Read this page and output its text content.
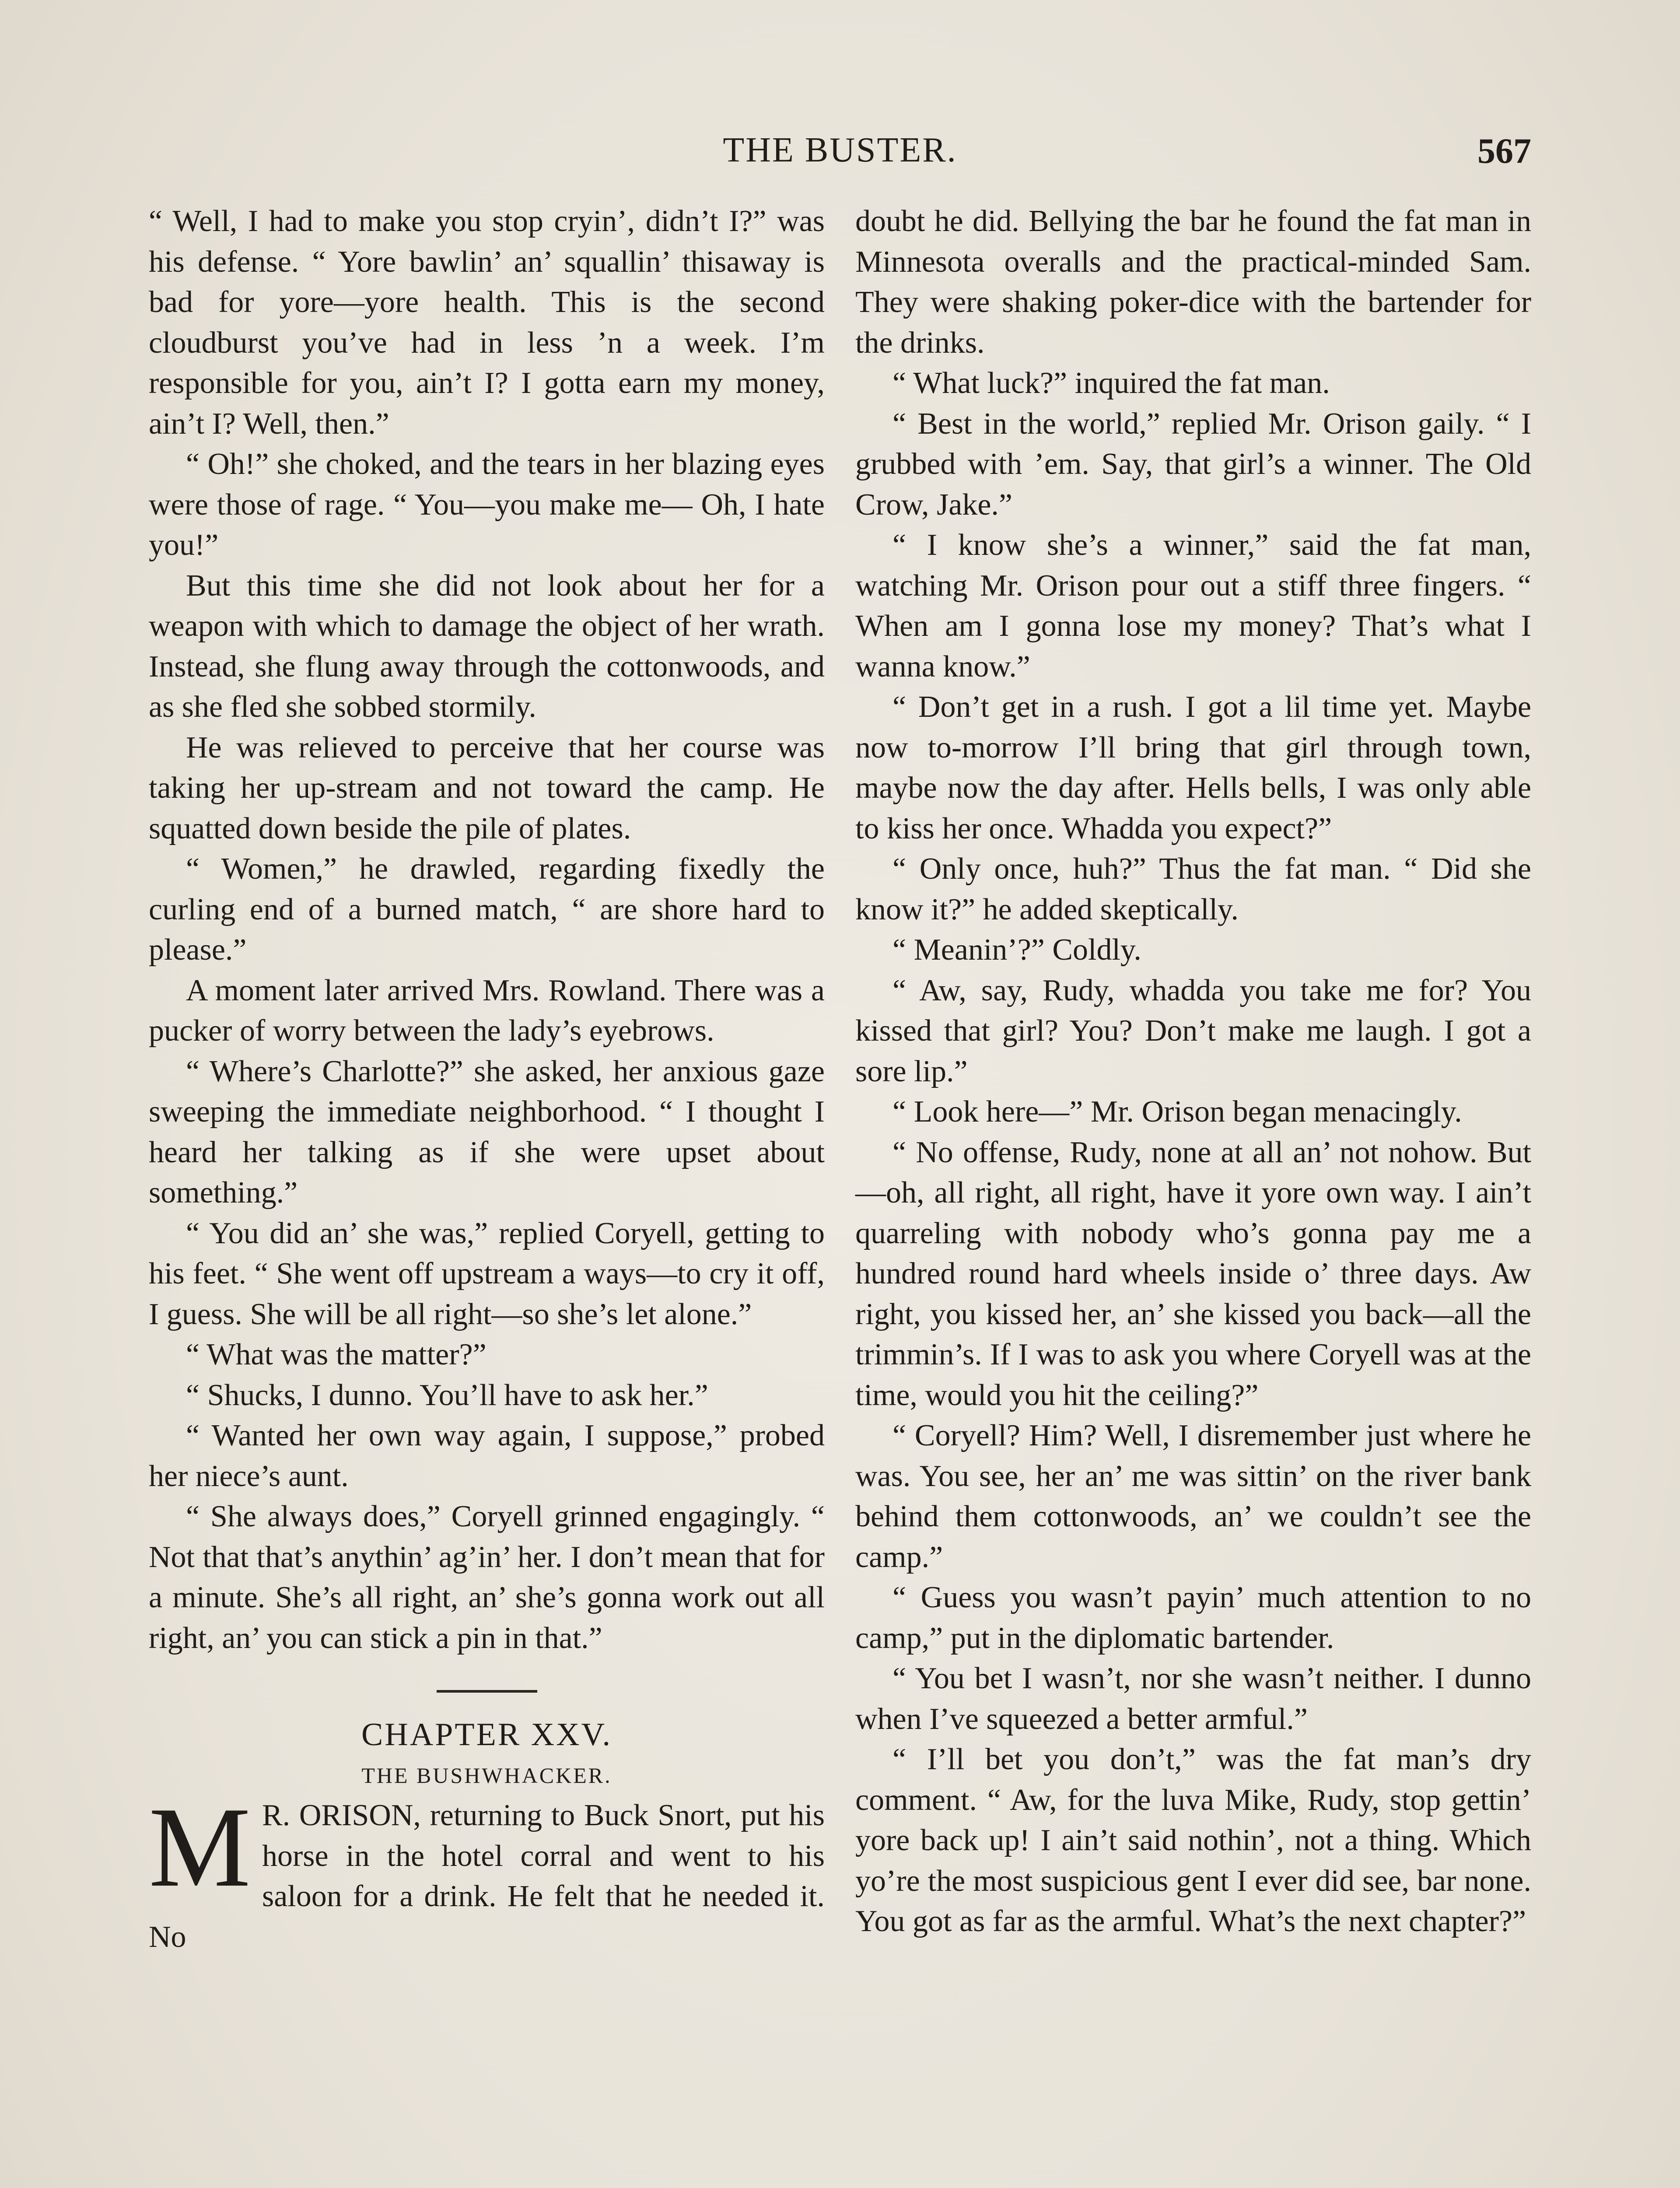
THE BUSTER.	567

“ Well, I had to make you stop cryin’, didn’t I?” was his defense. “ Yore bawlin’ an’ squallin’ thisaway is bad for yore—yore health. This is the second cloudburst you’ve had in less ’n a week. I’m responsible for you, ain’t I? I gotta earn my money, ain’t I? Well, then.”

“ Oh!” she choked, and the tears in her blazing eyes were those of rage. “ You—you make me— Oh, I hate you!”

But this time she did not look about her for a weapon with which to damage the object of her wrath. Instead, she flung away through the cottonwoods, and as she fled she sobbed stormily.

He was relieved to perceive that her course was taking her up-stream and not toward the camp. He squatted down beside the pile of plates.

“ Women,” he drawled, regarding fixedly the curling end of a burned match, “ are shore hard to please.”

A moment later arrived Mrs. Rowland. There was a pucker of worry between the lady’s eyebrows.

“ Where’s Charlotte?” she asked, her anxious gaze sweeping the immediate neighborhood. “ I thought I heard her talking as if she were upset about something.”

“ You did an’ she was,” replied Coryell, getting to his feet. “ She went off upstream a ways—to cry it off, I guess. She will be all right—so she’s let alone.”

“ What was the matter?”

“ Shucks, I dunno. You’ll have to ask her.”

“ Wanted her own way again, I suppose,” probed her niece’s aunt.

“ She always does,” Coryell grinned engagingly. “ Not that that’s anythin’ ag’in’ her. I don’t mean that for a minute. She’s all right, an’ she’s gonna work out all right, an’ you can stick a pin in that.”

CHAPTER XXV.

THE BUSHWHACKER.

M R. ORISON, returning to Buck Snort, put his horse in the hotel corral and went to his saloon for a drink. He felt that he needed it. No

doubt he did. Bellying the bar he found the fat man in Minnesota overalls and the practical-minded Sam. They were shaking poker-dice with the bartender for the drinks.

“ What luck?” inquired the fat man.

“ Best in the world,” replied Mr. Orison gaily. “ I grubbed with ’em. Say, that girl’s a winner. The Old Crow, Jake.”

“ I know she’s a winner,” said the fat man, watching Mr. Orison pour out a stiff three fingers. “ When am I gonna lose my money? That’s what I wanna know.”

“ Don’t get in a rush. I got a lil time yet. Maybe now to-morrow I’ll bring that girl through town, maybe now the day after. Hells bells, I was only able to kiss her once. Whadda you expect?”

“ Only once, huh?” Thus the fat man. “ Did she know it?” he added skeptically.

“ Meanin’?” Coldly.

“ Aw, say, Rudy, whadda you take me for? You kissed that girl? You? Don’t make me laugh. I got a sore lip.”

“ Look here—” Mr. Orison began menacingly.

“ No offense, Rudy, none at all an’ not nohow. But—oh, all right, all right, have it yore own way. I ain’t quarreling with nobody who’s gonna pay me a hundred round hard wheels inside o’ three days. Aw right, you kissed her, an’ she kissed you back—all the trimmin’s. If I was to ask you where Coryell was at the time, would you hit the ceiling?”

“ Coryell? Him? Well, I disremember just where he was. You see, her an’ me was sittin’ on the river bank behind them cottonwoods, an’ we couldn’t see the camp.”

“ Guess you wasn’t payin’ much attention to no camp,” put in the diplomatic bartender.

“ You bet I wasn’t, nor she wasn’t neither. I dunno when I’ve squeezed a better armful.”

“ I’ll bet you don’t,” was the fat man’s dry comment. “ Aw, for the luva Mike, Rudy, stop gettin’ yore back up! I ain’t said nothin’, not a thing. Which yo’re the most suspicious gent I ever did see, bar none. You got as far as the armful. What’s the next chapter?”
